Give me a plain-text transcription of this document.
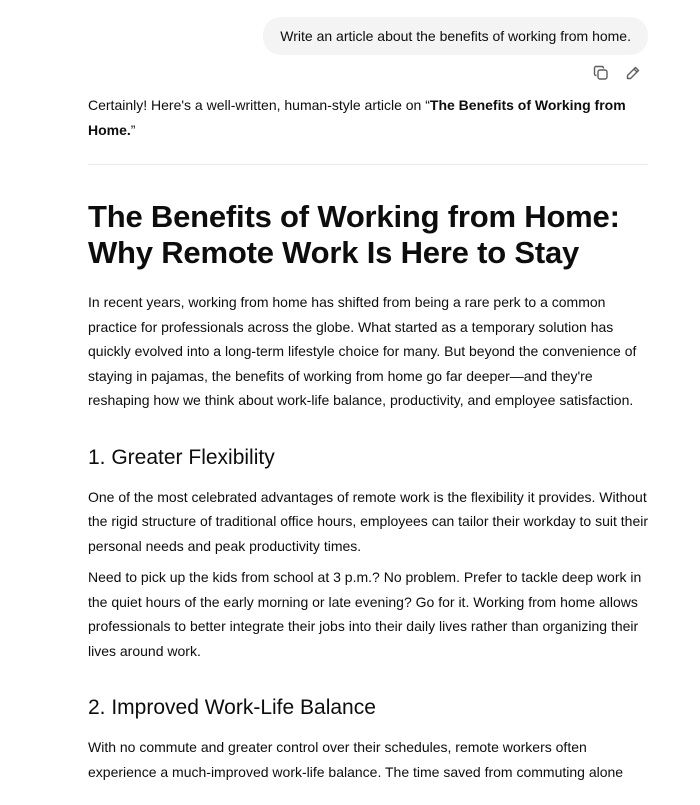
Write an article about the benefits of working from home.

Certainly! Here's a well-written, human-style article on “The Benefits of Working from Home.”

The Benefits of Working from Home: Why Remote Work Is Here to Stay

In recent years, working from home has shifted from being a rare perk to a common practice for professionals across the globe. What started as a temporary solution has quickly evolved into a long-term lifestyle choice for many. But beyond the convenience of staying in pajamas, the benefits of working from home go far deeper—and they're reshaping how we think about work-life balance, productivity, and employee satisfaction.

1. Greater Flexibility

One of the most celebrated advantages of remote work is the flexibility it provides. Without the rigid structure of traditional office hours, employees can tailor their workday to suit their personal needs and peak productivity times.

Need to pick up the kids from school at 3 p.m.? No problem. Prefer to tackle deep work in the quiet hours of the early morning or late evening? Go for it. Working from home allows professionals to better integrate their jobs into their daily lives rather than organizing their lives around work.

2. Improved Work-Life Balance

With no commute and greater control over their schedules, remote workers often experience a much-improved work-life balance. The time saved from commuting alone
